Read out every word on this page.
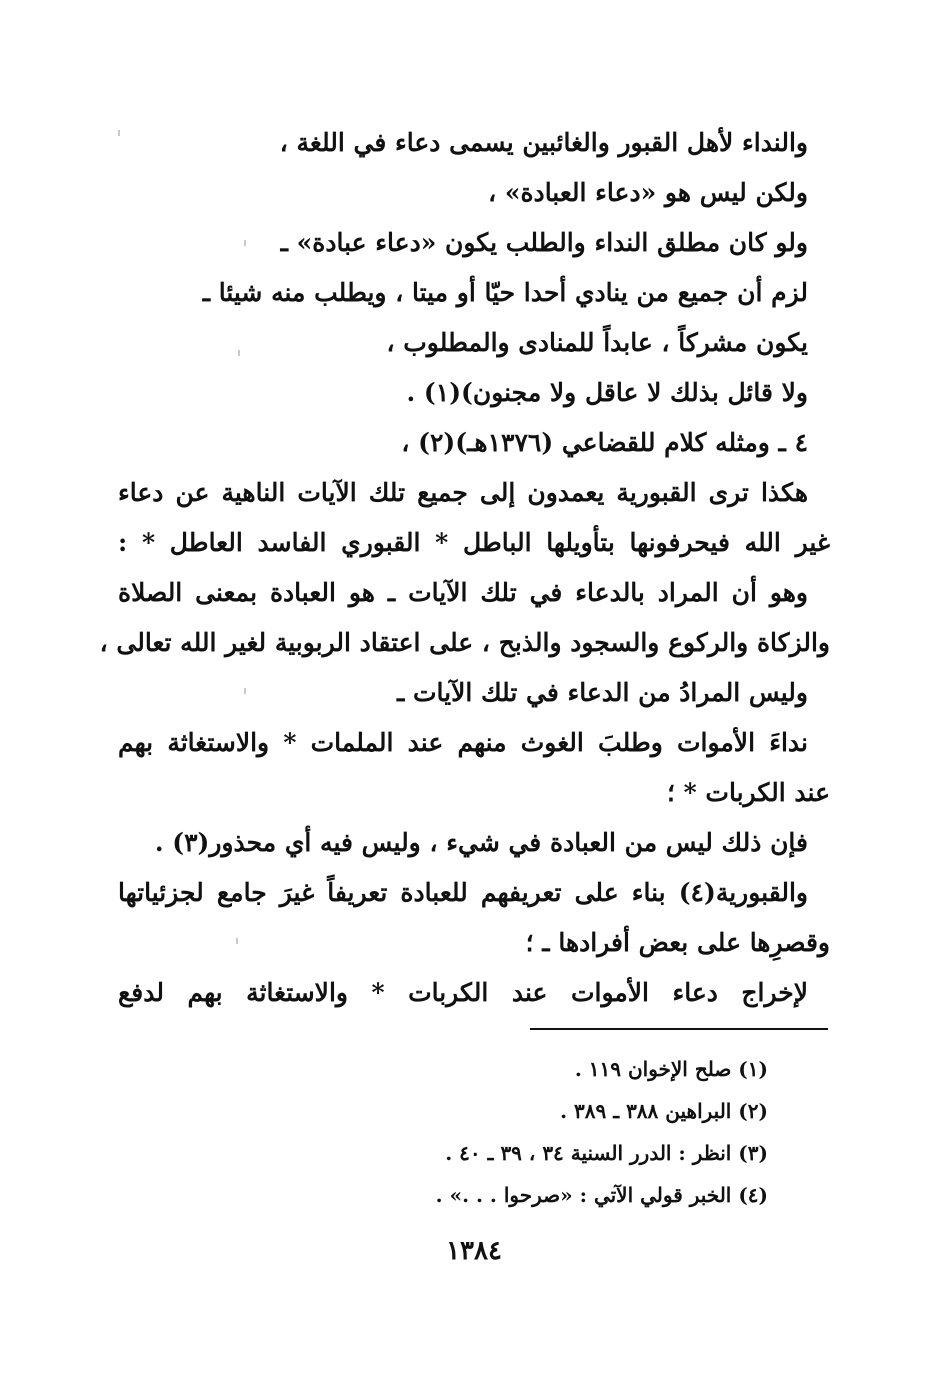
والنداء لأهل القبور والغائبين يسمى دعاء في اللغة ،
ولكن ليس هو «دعاء العبادة» ،
ولو كان مطلق النداء والطلب يكون «دعاء عبادة» ـ
لزم أن جميع من ينادي أحدا حيّا أو ميتا ، ويطلب منه شيئا ـ
يكون مشركاً ، عابداً للمنادى والمطلوب ،
ولا قائل بذلك لا عاقل ولا مجنون)(١) .
٤ ـ ومثله كلام للقضاعي (١٣٧٦هـ)(٢) ،
هكذا ترى القبورية يعمدون إلى جميع تلك الآيات الناهية عن دعاء
غير الله فيحرفونها بتأويلها الباطل * القبوري الفاسد العاطل * :
وهو أن المراد بالدعاء في تلك الآيات ـ هو العبادة بمعنى الصلاة
والزكاة والركوع والسجود والذبح ، على اعتقاد الربوبية لغير الله تعالى ،
وليس المرادُ من الدعاء في تلك الآيات ـ
نداءَ الأموات وطلبَ الغوث منهم عند الملمات * والاستغاثة بهم
عند الكربات * ؛
فإن ذلك ليس من العبادة في شيء ، وليس فيه أي محذور(٣) .
والقبورية(٤) بناء على تعريفهم للعبادة تعريفاً غيرَ جامع لجزئياتها
وقصرِها على بعض أفرادها ـ ؛
لإخراج دعاء الأموات عند الكربات * والاستغاثة بهم لدفع
(١) صلح الإخوان ١١٩ .
(٢) البراهين ٣٨٨ ـ ٣٨٩ .
(٣) انظر : الدرر السنية ٣٤ ، ٣٩ ـ ٤٠ .
(٤) الخبر قولي الآتي : «صرحوا . . .» .
١٣٨٤
